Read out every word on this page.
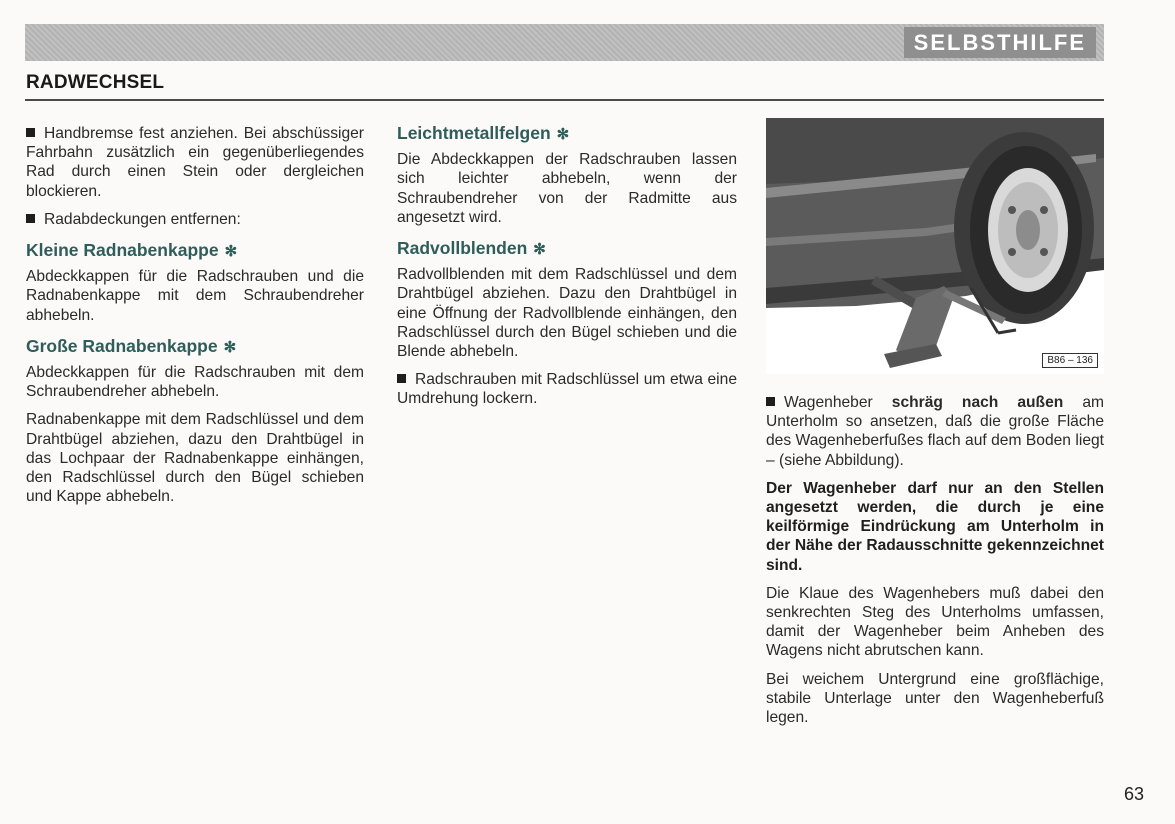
SELBSTHILFE
RADWECHSEL

Handbremse fest anziehen. Bei abschüssiger Fahrbahn zusätzlich ein gegenüberliegendes Rad durch einen Stein oder dergleichen blockieren.

Radabdeckungen entfernen:

Kleine Radnabenkappe ✻

Abdeckkappen für die Radschrauben und die Radnabenkappe mit dem Schraubendreher abhebeln.

Große Radnabenkappe ✻

Abdeckkappen für die Radschrauben mit dem Schraubendreher abhebeln.

Radnabenkappe mit dem Radschlüssel und dem Drahtbügel abziehen, dazu den Drahtbügel in das Lochpaar der Radnabenkappe einhängen, den Radschlüssel durch den Bügel schieben und Kappe abhebeln.

Leichtmetallfelgen ✻

Die Abdeckkappen der Radschrauben lassen sich leichter abhebeln, wenn der Schraubendreher von der Radmitte aus angesetzt wird.

Radvollblenden ✻

Radvollblenden mit dem Radschlüssel und dem Drahtbügel abziehen. Dazu den Drahtbügel in eine Öffnung der Radvollblende einhängen, den Radschlüssel durch den Bügel schieben und die Blende abhebeln.

Radschrauben mit Radschlüssel um etwa eine Umdrehung lockern.

B86 – 136

Wagenheber schräg nach außen am Unterholm so ansetzen, daß die große Fläche des Wagenheberfußes flach auf dem Boden liegt – (siehe Abbildung).

Der Wagenheber darf nur an den Stellen angesetzt werden, die durch je eine keilförmige Eindrückung am Unterholm in der Nähe der Radausschnitte gekennzeichnet sind.

Die Klaue des Wagenhebers muß dabei den senkrechten Steg des Unterholms umfassen, damit der Wagenheber beim Anheben des Wagens nicht abrutschen kann.

Bei weichem Untergrund eine großflächige, stabile Unterlage unter den Wagenheberfuß legen.

63
